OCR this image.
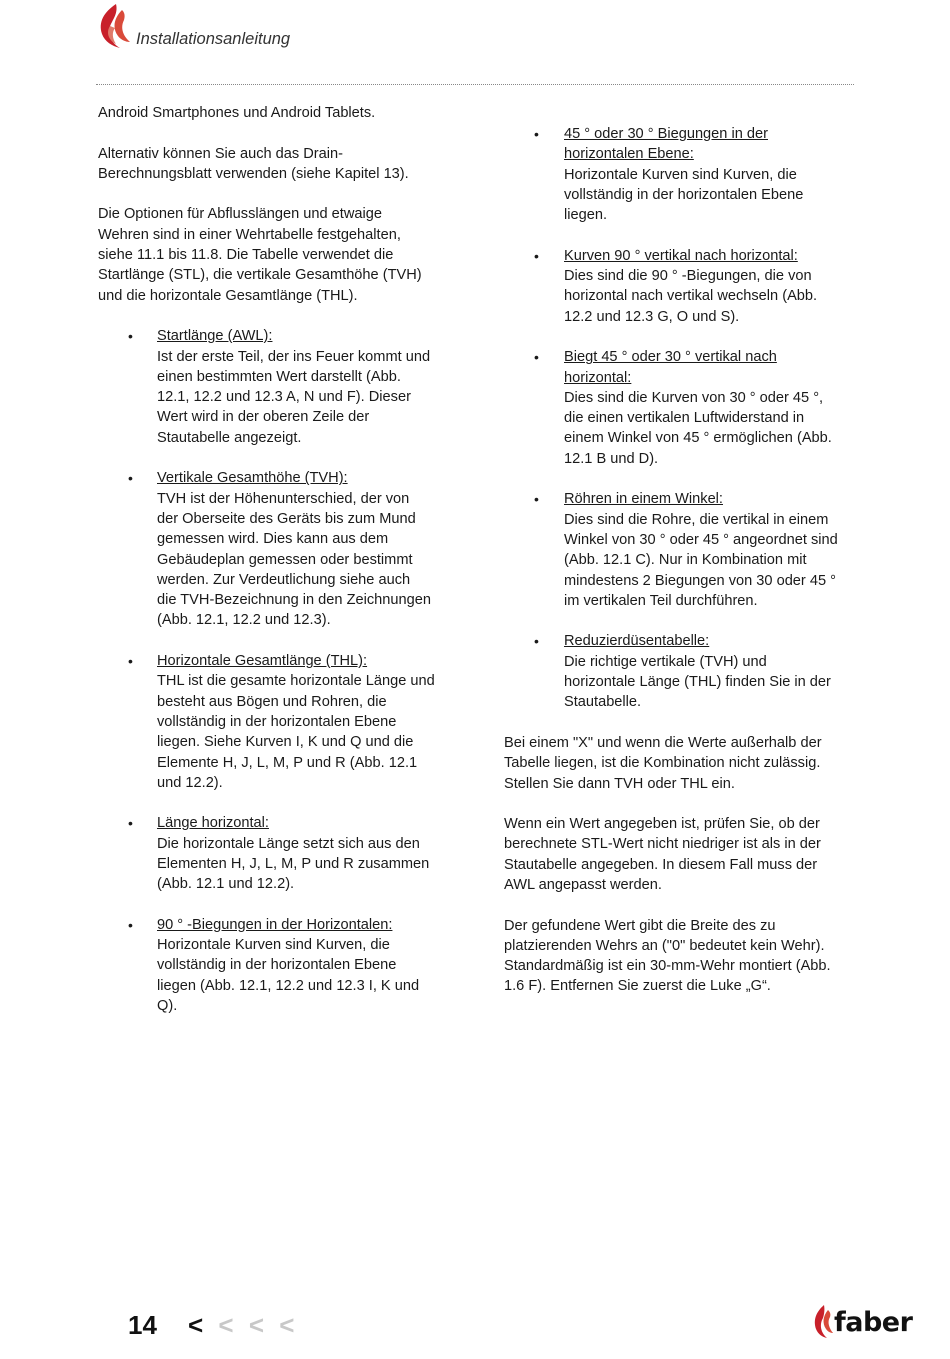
Installationsanleitung

Android Smartphones und Android Tablets.

Alternativ können Sie auch das Drain-
Berechnungsblatt verwenden (siehe Kapitel 13).

Die Optionen für Abflusslängen und etwaige
Wehren sind in einer Wehrtabelle festgehalten,
siehe 11.1 bis 11.8. Die Tabelle verwendet die
Startlänge (STL), die vertikale Gesamthöhe (TVH)
und die horizontale Gesamtlänge (THL).

• Startlänge (AWL):
Ist der erste Teil, der ins Feuer kommt und
einen bestimmten Wert darstellt (Abb.
12.1, 12.2 und 12.3 A, N und F). Dieser
Wert wird in der oberen Zeile der
Stautabelle angezeigt.
• Vertikale Gesamthöhe (TVH):
TVH ist der Höhenunterschied, der von
der Oberseite des Geräts bis zum Mund
gemessen wird. Dies kann aus dem
Gebäudeplan gemessen oder bestimmt
werden. Zur Verdeutlichung siehe auch
die TVH-Bezeichnung in den Zeichnungen
(Abb. 12.1, 12.2 und 12.3).
• Horizontale Gesamtlänge (THL):
THL ist die gesamte horizontale Länge und
besteht aus Bögen und Rohren, die
vollständig in der horizontalen Ebene
liegen. Siehe Kurven I, K und Q und die
Elemente H, J, L, M, P und R (Abb. 12.1
und 12.2).
• Länge horizontal:
Die horizontale Länge setzt sich aus den
Elementen H, J, L, M, P und R zusammen
(Abb. 12.1 und 12.2).
• 90 ° -Biegungen in der Horizontalen:
Horizontale Kurven sind Kurven, die
vollständig in der horizontalen Ebene
liegen (Abb. 12.1, 12.2 und 12.3 I, K und
Q).
• 45 ° oder 30 ° Biegungen in der
horizontalen Ebene:
Horizontale Kurven sind Kurven, die
vollständig in der horizontalen Ebene
liegen.
• Kurven 90 ° vertikal nach horizontal:
Dies sind die 90 ° -Biegungen, die von
horizontal nach vertikal wechseln (Abb.
12.2 und 12.3 G, O und S).
• Biegt 45 ° oder 30 ° vertikal nach
horizontal:
Dies sind die Kurven von 30 ° oder 45 °,
die einen vertikalen Luftwiderstand in
einem Winkel von 45 ° ermöglichen (Abb.
12.1 B und D).
• Röhren in einem Winkel:
Dies sind die Rohre, die vertikal in einem
Winkel von 30 ° oder 45 ° angeordnet sind
(Abb. 12.1 C). Nur in Kombination mit
mindestens 2 Biegungen von 30 oder 45 °
im vertikalen Teil durchführen.
• Reduzierdüsentabelle:
Die richtige vertikale (TVH) und
horizontale Länge (THL) finden Sie in der
Stautabelle.

Bei einem "X" und wenn die Werte außerhalb der
Tabelle liegen, ist die Kombination nicht zulässig.
Stellen Sie dann TVH oder THL ein.

Wenn ein Wert angegeben ist, prüfen Sie, ob der
berechnete STL-Wert nicht niedriger ist als in der
Stautabelle angegeben. In diesem Fall muss der
AWL angepasst werden.

Der gefundene Wert gibt die Breite des zu
platzierenden Wehrs an ("0" bedeutet kein Wehr).
Standardmäßig ist ein 30-mm-Wehr montiert (Abb.
1.6 F). Entfernen Sie zuerst die Luke „G“.

14 < < < <	faber
